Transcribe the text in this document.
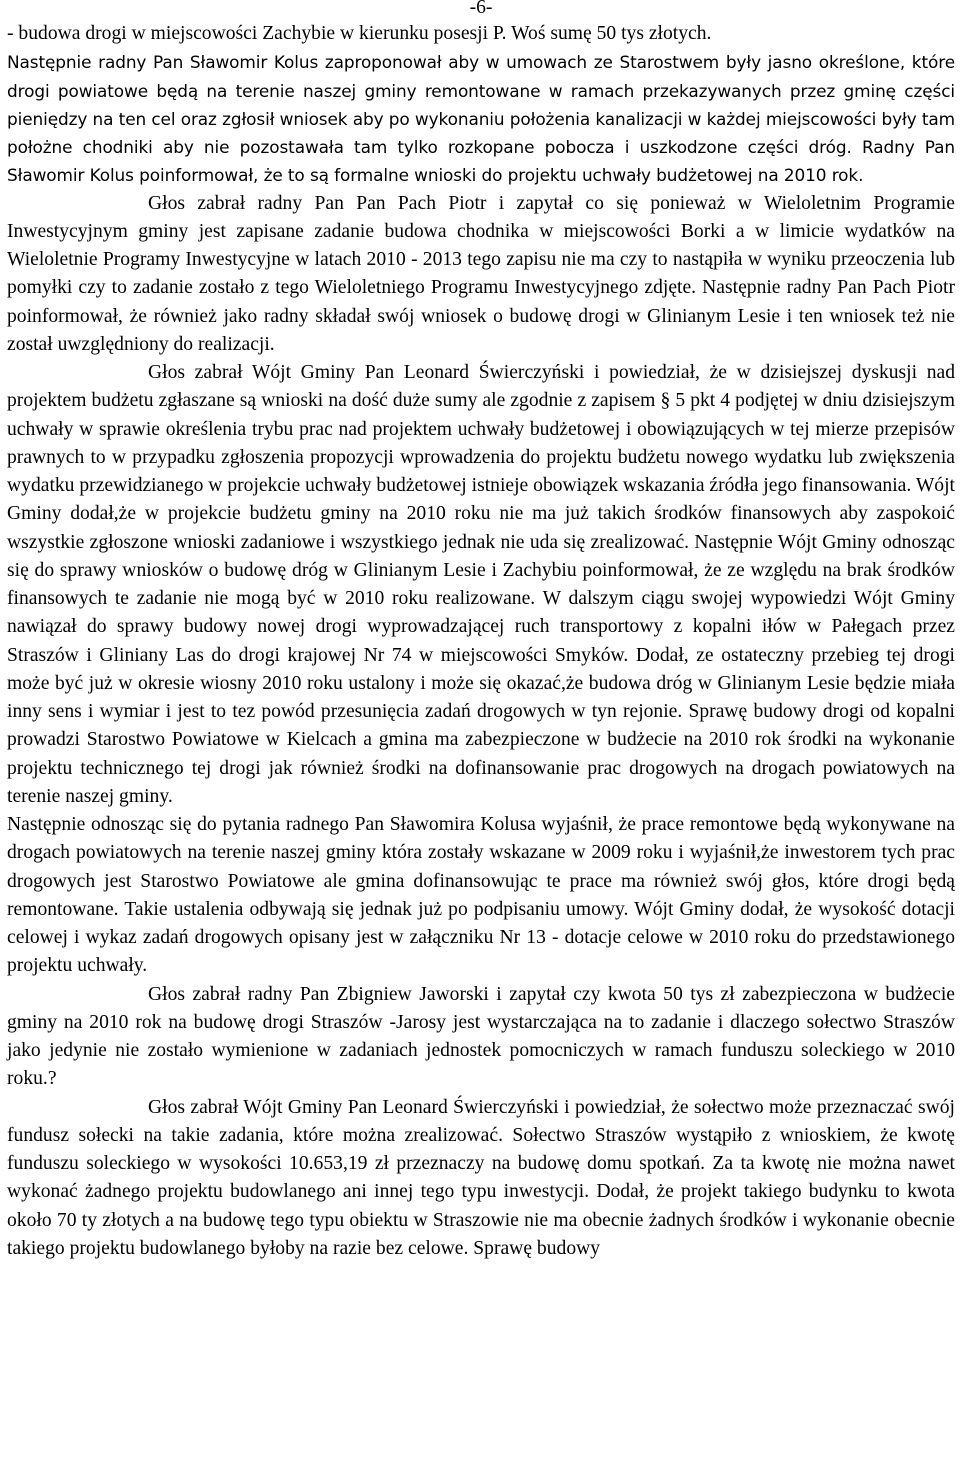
-6-

- budowa drogi w miejscowości Zachybie w kierunku posesji P. Woś sumę 50 tys złotych.

Następnie radny Pan Sławomir Kolus zaproponował aby w umowach ze Starostwem były jasno określone, które drogi powiatowe będą na terenie naszej gminy remontowane w ramach przekazywanych przez gminę części pieniędzy na ten cel oraz zgłosił wniosek aby po wykonaniu położenia kanalizacji w każdej miejscowości były tam położne chodniki aby nie pozostawała tam tylko rozkopane pobocza i uszkodzone części dróg. Radny Pan Sławomir Kolus poinformował, że to są formalne wnioski do projektu uchwały budżetowej na 2010 rok.

Głos zabrał radny Pan Pan Pach Piotr i zapytał co się ponieważ w Wieloletnim Programie Inwestycyjnym gminy jest zapisane zadanie budowa chodnika w miejscowości Borki a w limicie wydatków na Wieloletnie Programy Inwestycyjne w latach 2010 - 2013 tego zapisu nie ma czy to nastąpiła w wyniku przeoczenia lub pomyłki czy to zadanie zostało z tego Wieloletniego Programu Inwestycyjnego zdjęte. Następnie radny Pan Pach Piotr poinformował, że również jako radny składał swój wniosek o budowę drogi w Glinianym Lesie i ten wniosek też nie został uwzględniony do realizacji.

Głos zabrał Wójt Gminy Pan Leonard Świerczyński i powiedział, że w dzisiejszej dyskusji nad projektem budżetu zgłaszane są wnioski na dość duże sumy ale zgodnie z zapisem § 5 pkt 4 podjętej w dniu dzisiejszym uchwały w sprawie określenia trybu prac nad projektem uchwały budżetowej i obowiązujących w tej mierze przepisów prawnych to w przypadku zgłoszenia propozycji wprowadzenia do projektu budżetu nowego wydatku lub zwiększenia wydatku przewidzianego w projekcie uchwały budżetowej istnieje obowiązek wskazania źródła jego finansowania. Wójt Gminy dodał,że w projekcie budżetu gminy na 2010 roku nie ma już takich środków finansowych aby zaspokoić wszystkie zgłoszone wnioski zadaniowe i wszystkiego jednak nie uda się zrealizować. Następnie Wójt Gminy odnosząc się do sprawy wniosków o budowę dróg w Glinianym Lesie i Zachybiu poinformował, że ze względu na brak środków finansowych te zadanie nie mogą być w 2010 roku realizowane. W dalszym ciągu swojej wypowiedzi Wójt Gminy nawiązał do sprawy budowy nowej drogi wyprowadzającej ruch transportowy z kopalni iłów w Pałegach przez Straszów i Gliniany Las do drogi krajowej Nr 74 w miejscowości Smyków. Dodał, ze ostateczny przebieg tej drogi może być już w okresie wiosny 2010 roku ustalony i może się okazać,że budowa dróg w Glinianym Lesie będzie miała inny sens i wymiar i jest to tez powód przesunięcia zadań drogowych w tyn rejonie. Sprawę budowy drogi od kopalni prowadzi Starostwo Powiatowe w Kielcach a gmina ma zabezpieczone w budżecie na 2010 rok środki na wykonanie projektu technicznego tej drogi jak również środki na dofinansowanie prac drogowych na drogach powiatowych na terenie naszej gminy.

Następnie odnosząc się do pytania radnego Pan Sławomira Kolusa wyjaśnił, że prace remontowe będą wykonywane na drogach powiatowych na terenie naszej gminy która zostały wskazane w 2009 roku i wyjaśnił,że inwestorem tych prac drogowych jest Starostwo Powiatowe ale gmina dofinansowując te prace ma również swój głos, które drogi będą remontowane. Takie ustalenia odbywają się jednak już po podpisaniu umowy. Wójt Gminy dodał, że wysokość dotacji celowej i wykaz zadań drogowych opisany jest w załączniku Nr 13 - dotacje celowe w 2010 roku do przedstawionego projektu uchwały.

Głos zabrał radny Pan Zbigniew Jaworski i zapytał czy kwota 50 tys zł zabezpieczona w budżecie gminy na 2010 rok na budowę drogi Straszów -Jarosy jest wystarczająca na to zadanie i dlaczego sołectwo Straszów jako jedynie nie zostało wymienione w zadaniach jednostek pomocniczych w ramach funduszu soleckiego w 2010 roku.?

Głos zabrał Wójt Gminy Pan Leonard Świerczyński i powiedział, że sołectwo może przeznaczać swój fundusz sołecki na takie zadania, które można zrealizować. Sołectwo Straszów wystąpiło z wnioskiem, że kwotę funduszu soleckiego w wysokości 10.653,19 zł przeznaczy na budowę domu spotkań. Za ta kwotę nie można nawet wykonać żadnego projektu budowlanego ani innej tego typu inwestycji. Dodał, że projekt takiego budynku to kwota około 70 ty złotych a na budowę tego typu obiektu w Straszowie nie ma obecnie żadnych środków i wykonanie obecnie takiego projektu budowlanego byłoby na razie bez celowe. Sprawę budowy
